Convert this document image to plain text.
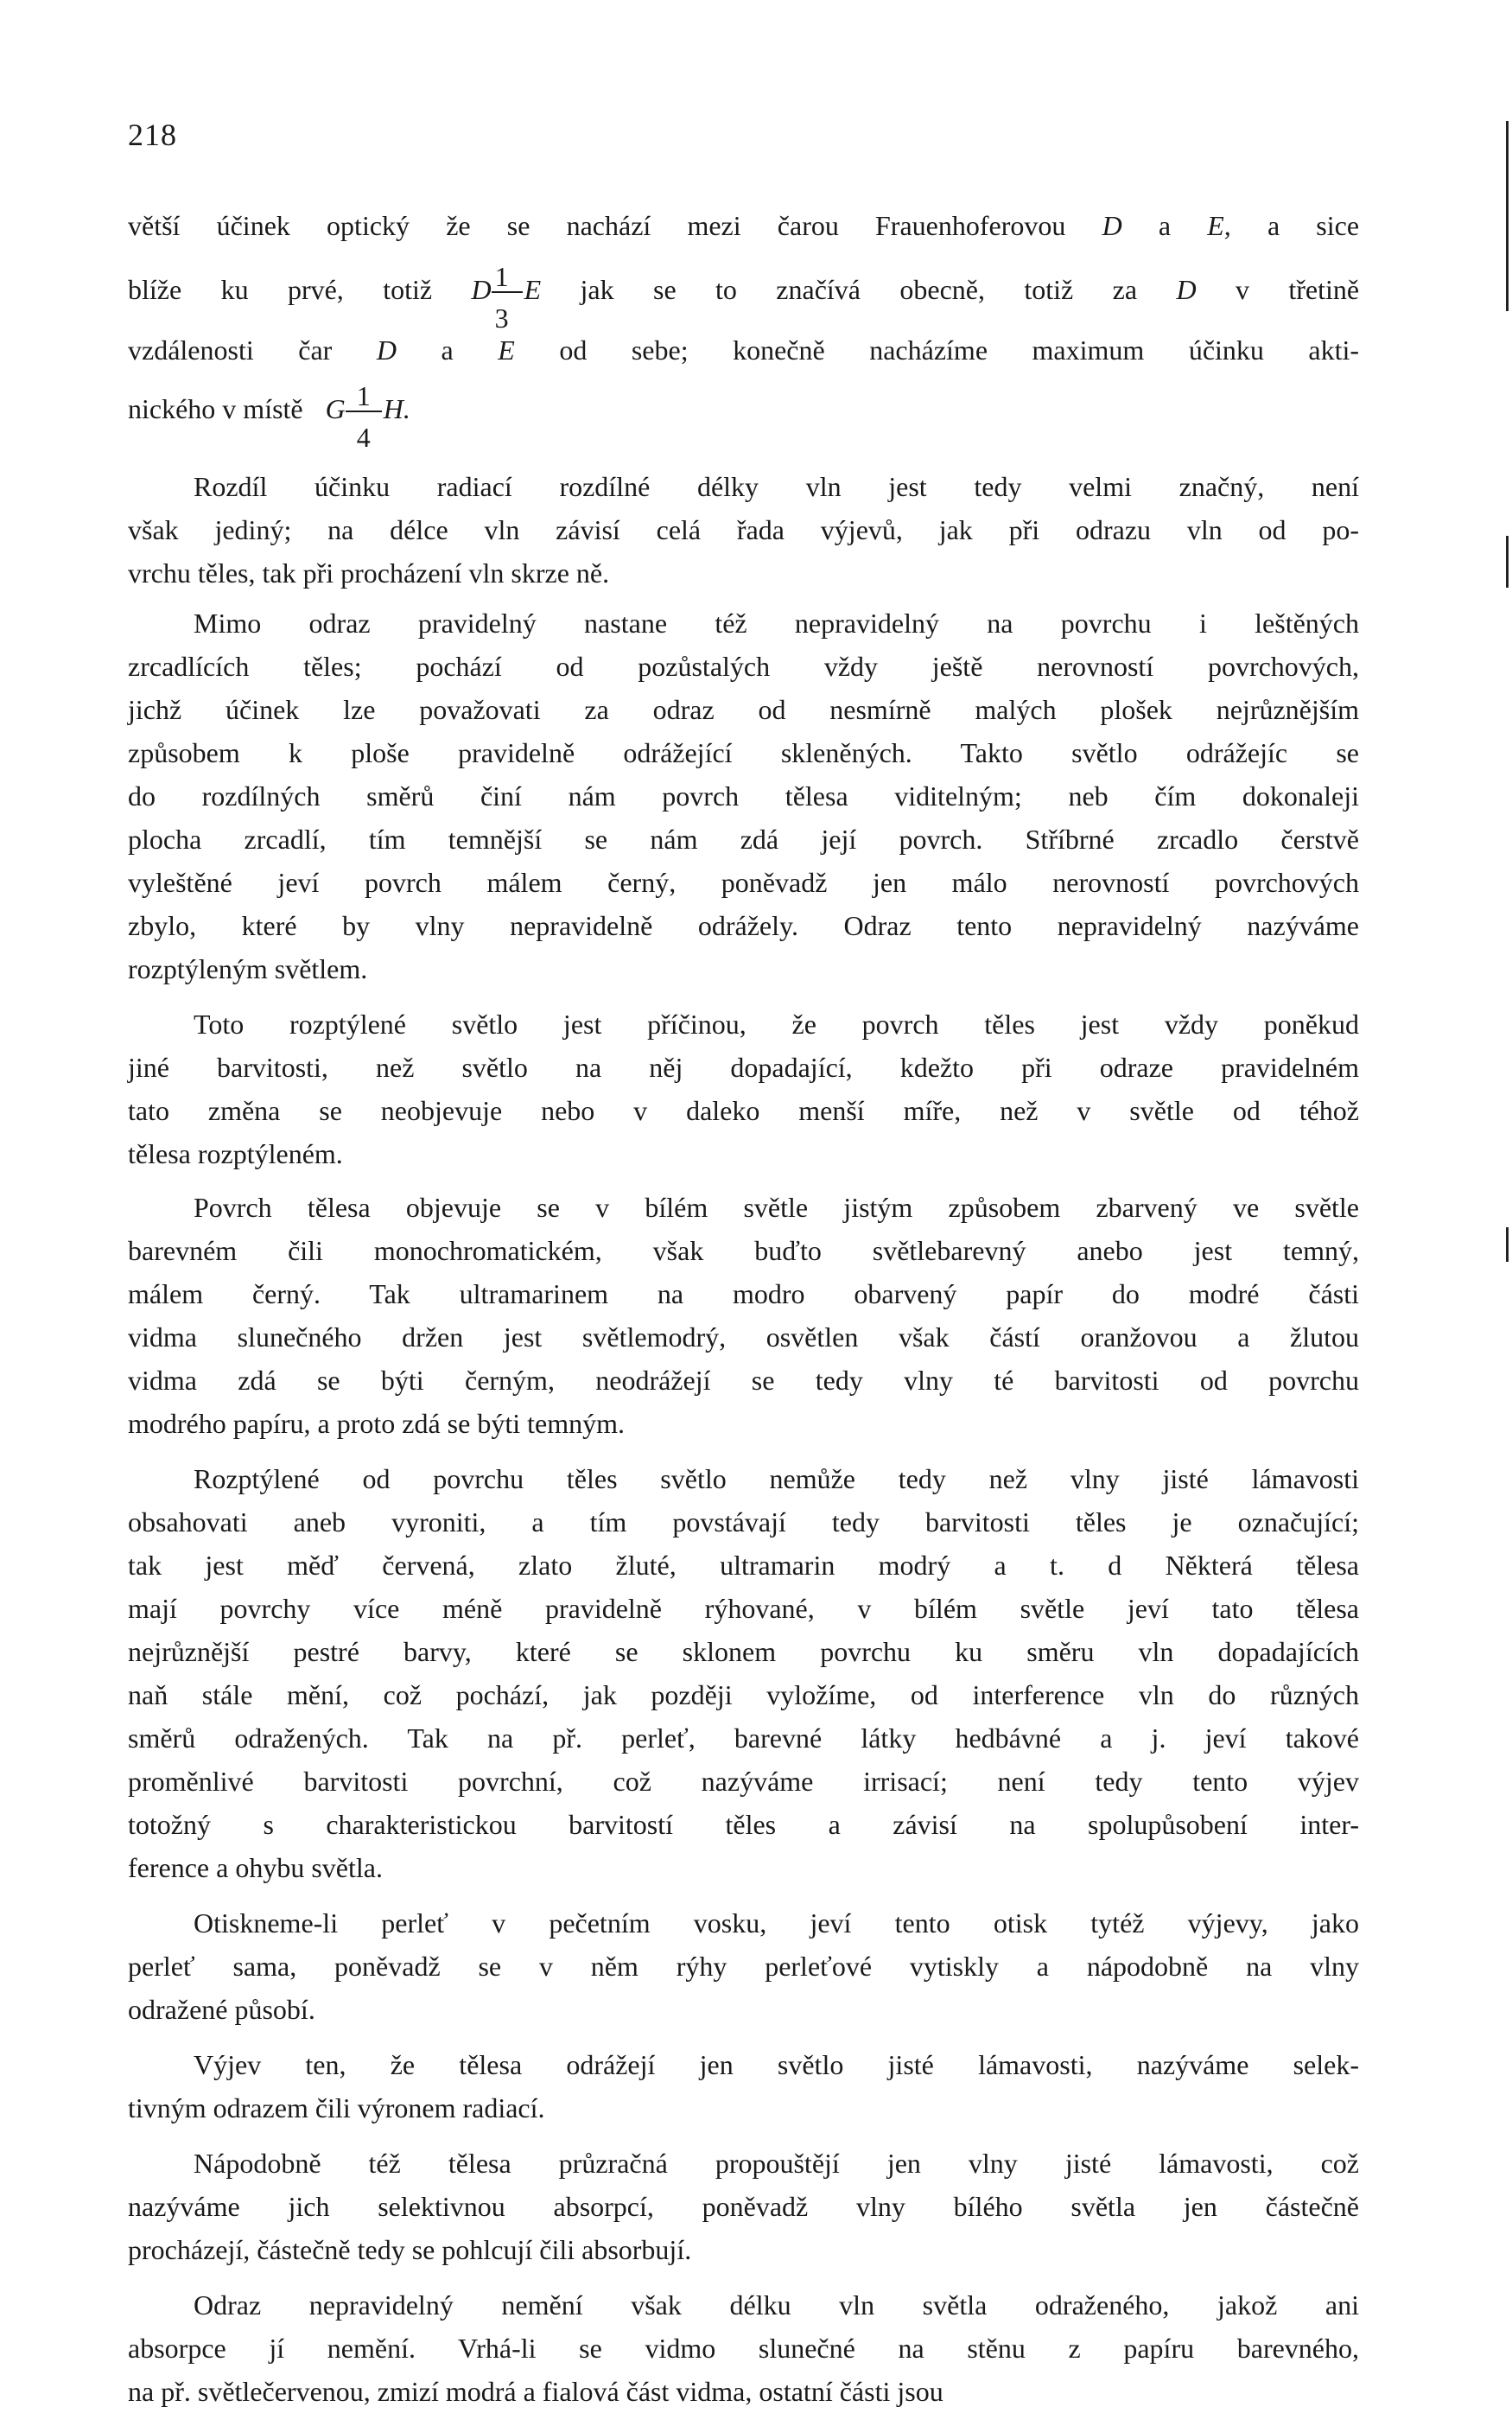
218
větší účinek optický že se nachází mezi čarou Frauenhoferovou D a E, a sice
blíže ku prvé, totiž D
$\frac{1}{3}$
E jak se to značívá obecně, totiž za D v třetině
vzdálenosti čar D a E od sebe; konečně nacházíme maximum účinku akti-
nického v místě G
$\frac{1}{4}$
H.
Rozdíl účinku radiací rozdílné délky vln jest tedy velmi značný, není
však jediný; na délce vln závisí celá řada výjevů, jak při odrazu vln od po-
vrchu těles, tak při procházení vln skrze ně.
Mimo odraz pravidelný nastane též nepravidelný na povrchu i leštěných
zrcadlících těles; pochází od pozůstalých vždy ještě nerovností povrchových,
jichž účinek lze považovati za odraz od nesmírně malých plošek nejrůznějším
způsobem k ploše pravidelně odrážející skleněných. Takto světlo odrážejíc se
do rozdílných směrů činí nám povrch tělesa viditelným; neb čím dokonaleji
plocha zrcadlí, tím temnější se nám zdá její povrch. Stříbrné zrcadlo čerstvě
vyleštěné jeví povrch málem černý, poněvadž jen málo nerovností povrchových
zbylo, které by vlny nepravidelně odrážely. Odraz tento nepravidelný nazýváme
rozptýleným světlem.
Toto rozptýlené světlo jest příčinou, že povrch těles jest vždy poněkud
jiné barvitosti, než světlo na něj dopadající, kdežto při odraze pravidelném
tato změna se neobjevuje nebo v daleko menší míře, než v světle od téhož
tělesa rozptýleném.
Povrch tělesa objevuje se v bílém světle jistým způsobem zbarvený ve světle
barevném čili monochromatickém, však buďto světlebarevný anebo jest temný,
málem černý. Tak ultramarinem na modro obarvený papír do modré části
vidma slunečného držen jest světlemodrý, osvětlen však částí oranžovou a žlutou
vidma zdá se býti černým, neodrážejí se tedy vlny té barvitosti od povrchu
modrého papíru, a proto zdá se býti temným.
Rozptýlené od povrchu těles světlo nemůže tedy než vlny jisté lámavosti
obsahovati aneb vyroniti, a tím povstávají tedy barvitosti těles je označující;
tak jest měď červená, zlato žluté, ultramarin modrý a t. d Některá tělesa
mají povrchy více méně pravidelně rýhované, v bílém světle jeví tatо tělesa
nejrůznější pestré barvy, které se sklonem povrchu ku směru vln dopadajících
naň stále mění, což pochází, jak později vyložíme, od interference vln do různých
směrů odražených. Tak na př. perleť, barevné látky hedbávné a j. jeví takové
proměnlivé barvitosti povrchní, což nazýváme irrisací; není tedy tento výjev
totožný s charakteristickou barvitostí těles a závisí na spolupůsobení inter-
ference a ohybu světla.
Otiskneme-li perleť v pečetním vosku, jeví tento otisk tytéž výjevy, jako
perleť sama, poněvadž se v něm rýhy perleťové vytiskly a nápodobně na vlny
odražené působí.
Výjev ten, že tělesa odrážejí jen světlo jisté lámavosti, nazýváme selek-
tivným odrazem čili výronem radiací.
Nápodobně též tělesa průzračná propouštějí jen vlny jisté lámavosti, což
nazýváme jich selektivnou absorpcí, poněvadž vlny bílého světla jen částečně
procházejí, částečně tedy se pohlcují čili absorbují.
Odraz nepravidelný nemění však délku vln světla odraženého, jakož ani
absorpce jí nemění. Vrhá-li se vidmo slunečné na stěnu z papíru barevného,
na př. světlečervenou, zmizí modrá a fialová část vidma, ostatní části jsou
